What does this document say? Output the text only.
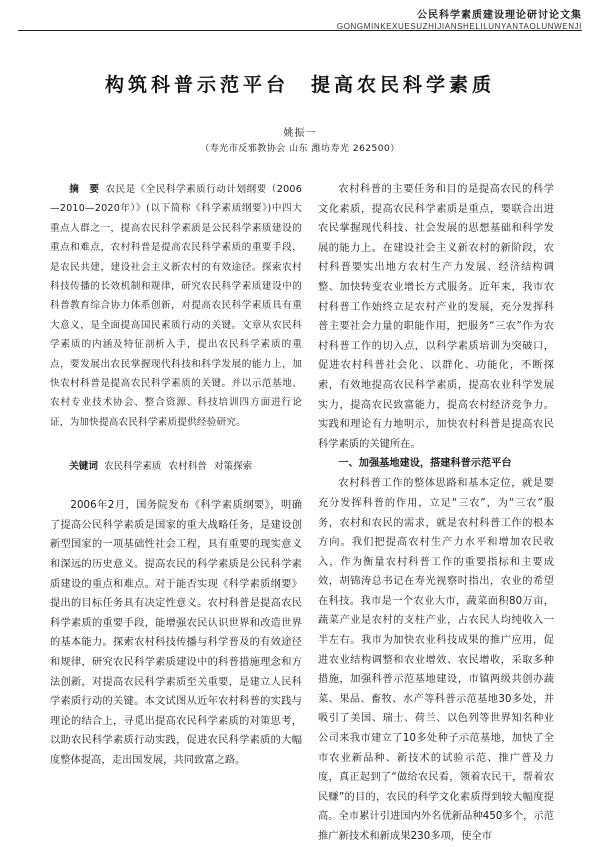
公民科学素质建设理论研讨论文集
GONGMINKEXUESUZHIJIANSHELILUNYANTAOLUNWENJI
构筑科普示范平台 提高农民科学素质
姚振一
（寿光市反邪教协会 山东 潍坊寿光 262500）

摘　要 农民是《全民科学素质行动计划纲要（2006—2010—2020年）》(以下简称《科学素质纲要》)中四大重点人群之一，提高农民科学素质是公民科学素质建设的重点和难点，农村科普是提高农民科学素质的重要手段，是农民共建，建设社会主义新农村的有效途径。探索农村科技传播的长效机制和规律，研究农民科学素质建设中的科普教育综合协力体系创新，对提高农民科学素质具有重大意义，是全面提高国民素质行动的关键。文章从农民科学素质的内涵及特征剖析入手，提出农民科学素质的重点，要发展出农民掌握现代科技和科学发展的能力上，加快农村科普是提高农民科学素质的关键。并以示范基地、农村专业技术协会、整合资源、科技培训四方面进行论证，为加快提高农民科学素质提供经验研究。

关键词 农民科学素质 农村科普 对策探索

2006年2月，国务院发布《科学素质纲要》，明确了提高公民科学素质是国家的重大战略任务，是建设创新型国家的一项基础性社会工程，具有重要的现实意义和深远的历史意义。提高农民的科学素质是公民科学素质建设的重点和难点。对于能否实现《科学素质纲要》提出的目标任务具有决定性意义。农村科普是提高农民科学素质的重要手段，能增强农民认识世界和改造世界的基本能力。探索农村科技传播与科学普及的有效途径和规律，研究农民科学素质建设中的科普措施理念和方法创新，对提高农民科学素质至关重要，是建立人民科学素质行动的关键。本文试图从近年农村科普的实践与理论的结合上，寻觅出提高农民科学素质的对策思考，以助农民科学素质行动实践，促进农民科学素质的大幅度整体提高，走出国发展，共同致富之路。

农村科普的主要任务和目的是提高农民的科学文化素质，提高农民科学素质是重点，要联合出进农民掌握现代科技、社会发展的思想基础和科学发展的能力上。在建设社会主义新农村的新阶段，农村科普要实出地方农村生产力发展、经济结构调整、加快转变农业增长方式服务。近年来，我市农村科普工作始终立足农村产业的发展，充分发挥科普主要社会力量的职能作用，把服务“三农”作为农村科普工作的切入点，以科学素质培训为突破口，促进农村科普社会化、以群化、功能化，不断探索，有效地提高农民科学素质，提高农业科学发展实力，提高农民致富能力，提高农村经济竞争力。实践和理论有力地明示，加快农村科普是提高农民科学素质的关键所在。

一、加强基地建设，搭建科普示范平台

农村科普工作的整体思路和基本定位，就是要充分发挥科普的作用，立足“三农”，为“三农”服务，农村和农民的需求，就是农村科普工作的根本方向。我们把提高农村生产力水平和增加农民收入，作为衡量农村科普工作的重要指标和主要成效，胡锦涛总书记在寿光视察时指出，农业的希望在科技。我市是一个农业大市，蔬菜面积80万亩，蔬菜产业是农村的支柱产业，占农民人均纯收入一半左右。我市为加快农业科技成果的推广应用，促进农业结构调整和农业增效、农民增收，采取多种措施，加强科普示范基地建设，市镇两级共创办蔬菜、果品、畜牧、水产等科普示范基地30多处，并吸引了美国、瑞士、荷兰、以色列等世界知名种业公司来我市建立了10多处种子示范基地，加快了全市农业新品种、新技术的试验示范、推广普及力度，真正起到了“做给农民看，领着农民干，帮着农民赚”的目的，农民的科学文化素质得到较大幅度提高。全市累计引进国内外名优新品种450多个，示范推广新技术和新成果230多项，使全市
